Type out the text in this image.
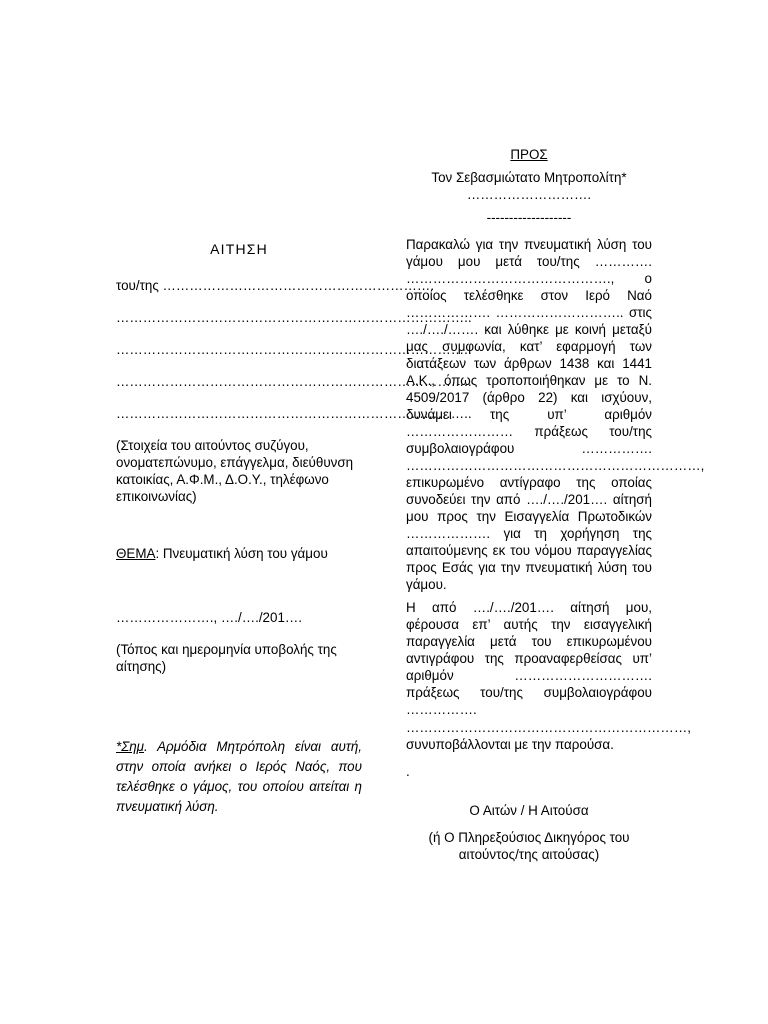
ΑΙΤΗΣΗ

του/της …………………………………………………….

……………………………………………………………………..

……………………………………………………………………..

……………………………………………………………………..

……………………………………………………………………..

(Στοιχεία του αιτούντος συζύγου, ονοματεπώνυμο, επάγγελμα, διεύθυνση κατοικίας, Α.Φ.Μ., Δ.Ο.Υ., τηλέφωνο επικοινωνίας)

ΘΕΜΑ: Πνευματική λύση του γάμου

…………………., …./…./201….

(Τόπος και ημερομηνία υποβολής της αίτησης)

*Σημ. Αρμόδια Μητρόπολη είναι αυτή, στην οποία ανήκει ο Ιερός Ναός, που τελέσθηκε ο γάμος, του οποίου αιτείται η πνευματική λύση.

ΠΡΟΣ

Τον Σεβασμιώτατο Μητροπολίτη*

……………………….

-------------------

Παρακαλώ για την πνευματική λύση του γάμου μου μετά του/της …………. ………………………………………., ο οποίος τελέσθηκε στον Ιερό Ναό ………………. ……………………….. στις …./…./……. και λύθηκε με κοινή μεταξύ μας συμφωνία, κατ’ εφαρμογή των διατάξεων των άρθρων 1438 και 1441 Α.Κ., όπως τροποποιήθηκαν με το Ν. 4509/2017 (άρθρο 22) και ισχύουν, δυνάμει της υπ’ αριθμόν …………………… πράξεως του/της συμβολαιογράφου ……………. …………………………………………………………, επικυρωμένο αντίγραφο της οποίας συνοδεύει την από …./…./201…. αίτησή μου προς την Εισαγγελία Πρωτοδικών ………………. για τη χορήγηση της απαιτούμενης εκ του νόμου παραγγελίας προς Εσάς για την πνευματική λύση του γάμου.

Η από …./…./201…. αίτησή μου, φέρουσα επ’ αυτής την εισαγγελική παραγγελία μετά του επικυρωμένου αντιγράφου της προαναφερθείσας υπ’ αριθμόν …………………………. πράξεως του/της συμβολαιογράφου ……………. ………………………………………………………, συνυποβάλλονται με την παρούσα.

.

Ο Αιτών / Η Αιτούσα

(ή Ο Πληρεξούσιος Δικηγόρος του αιτούντος/της αιτούσας)
